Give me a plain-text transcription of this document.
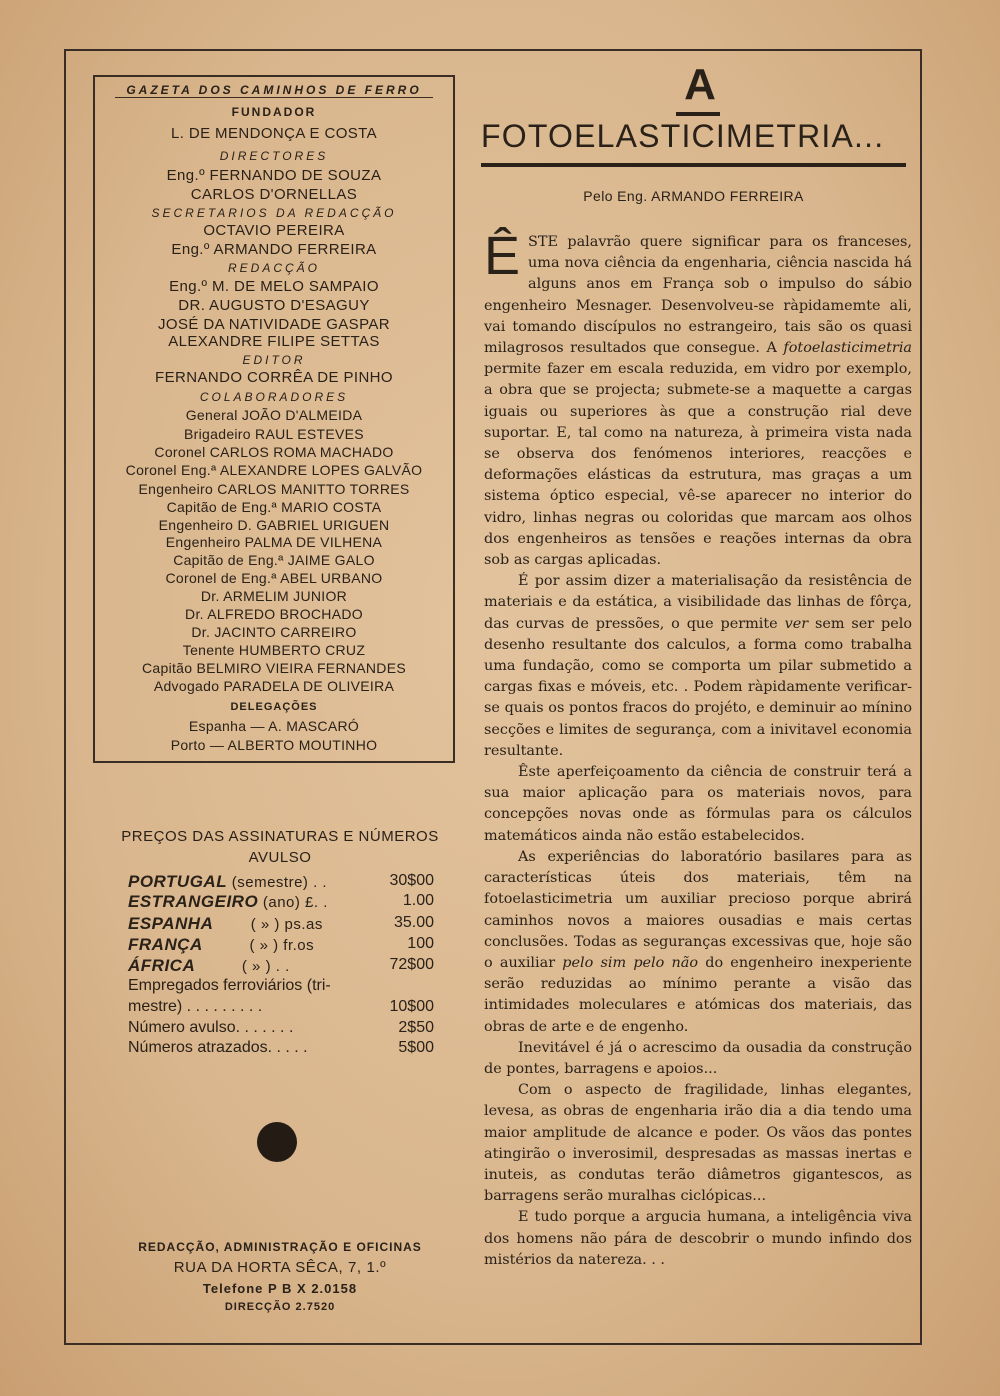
GAZETA DOS CAMINHOS DE FERRO
FUNDADOR
L. DE MENDONÇA E COSTA
DIRECTORES
Eng.º FERNANDO DE SOUZA
CARLOS D'ORNELLAS
SECRETARIOS DA REDACÇÃO
OCTAVIO PEREIRA
Eng.º ARMANDO FERREIRA
REDACÇÃO
Eng.º M. DE MELO SAMPAIO
DR. AUGUSTO D'ESAGUY
JOSÉ DA NATIVIDADE GASPAR
ALEXANDRE FILIPE SETTAS
EDITOR
FERNANDO CORRÊA DE PINHO
COLABORADORES
General JOÃO D'ALMEIDA
Brigadeiro RAUL ESTEVES
Coronel CARLOS ROMA MACHADO
Coronel Eng.ª ALEXANDRE LOPES GALVÃO
Engenheiro CARLOS MANITTO TORRES
Capitão de Eng.ª MARIO COSTA
Engenheiro D. GABRIEL URIGUEN
Engenheiro PALMA DE VILHENA
Capitão de Eng.ª JAIME GALO
Coronel de Eng.ª ABEL URBANO
Dr. ARMELIM JUNIOR
Dr. ALFREDO BROCHADO
Dr. JACINTO CARREIRO
Tenente HUMBERTO CRUZ
Capitão BELMIRO VIEIRA FERNANDES
Advogado PARADELA DE OLIVEIRA
DELEGAÇÕES
Espanha — A. MASCARÓ
Porto — ALBERTO MOUTINHO
PREÇOS DAS ASSINATURAS E NÚMEROS
AVULSO
PORTUGAL (semestre) . .	30$00
ESTRANGEIRO (ano) £. .	1.00
ESPANHA        ( » ) ps.as	35.00
FRANÇA          ( » ) fr.os	100
ÁFRICA          ( » ) . .	72$00
Empregados ferroviários (tri-
mestre) . . . . . . . . .	10$00
Número avulso. . . . . . .	2$50
Números atrazados. . . . .	5$00
REDACÇÃO, ADMINISTRAÇÃO E OFICINAS
RUA DA HORTA SÊCA, 7, 1.º
Telefone P B X 2.0158
DIRECÇÃO 2.7520
A
FOTOELASTICIMETRIA...
Pelo Eng. ARMANDO FERREIRA

ÊSTE palavrão quere significar para os franceses, uma nova ciência da engenharia, ciência nascida há alguns anos em França sob o impulso do sábio engenheiro Mesnager. Desenvolveu-se ràpidamemte ali, vai tomando discípulos no estrangeiro, tais são os quasi milagrosos resultados que consegue. A fotoelasticimetria permite fazer em escala reduzida, em vidro por exemplo, a obra que se projecta; submete-se a maquette a cargas iguais ou superiores às que a construção rial deve suportar. E, tal como na natureza, à primeira vista nada se observa dos fenómenos interiores, reacções e deformações elásticas da estrutura, mas graças a um sistema óptico especial, vê-se aparecer no interior do vidro, linhas negras ou coloridas que marcam aos olhos dos engenheiros as tensões e reações internas da obra sob as cargas aplicadas.

É por assim dizer a materialisação da resistência de materiais e da estática, a visibilidade das linhas de fôrça, das curvas de pressões, o que permite ver sem ser pelo desenho resultante dos calculos, a forma como trabalha uma fundação, como se comporta um pilar submetido a cargas fixas e móveis, etc. . Podem ràpidamente verificar-se quais os pontos fracos do projéto, e deminuir ao mínino secções e limites de segurança, com a inivitavel economia resultante.

Êste aperfeiçoamento da ciência de construir terá a sua maior aplicação para os materiais novos, para concepções novas onde as fórmulas para os cálculos matemáticos ainda não estão estabelecidos.

As experiências do laboratório basilares para as características úteis dos materiais, têm na fotoelasticimetria um auxiliar precioso porque abrirá caminhos novos a maiores ousadias e mais certas conclusões. Todas as seguranças excessivas que, hoje são o auxiliar pelo sim pelo não do engenheiro inexperiente serão reduzidas ao mínimo perante a visão das intimidades moleculares e atómicas dos materiais, das obras de arte e de engenho.

Inevitável é já o acrescimo da ousadia da construção de pontes, barragens e apoios...

Com o aspecto de fragilidade, linhas elegantes, levesa, as obras de engenharia irão dia a dia tendo uma maior amplitude de alcance e poder. Os vãos das pontes atingirão o inverosimil, despresadas as massas inertas e inuteis, as condutas terão diâmetros gigantescos, as barragens serão muralhas ciclópicas...

E tudo porque a argucia humana, a inteligência viva dos homens não pára de descobrir o mundo infindo dos mistérios da natereza. . .
